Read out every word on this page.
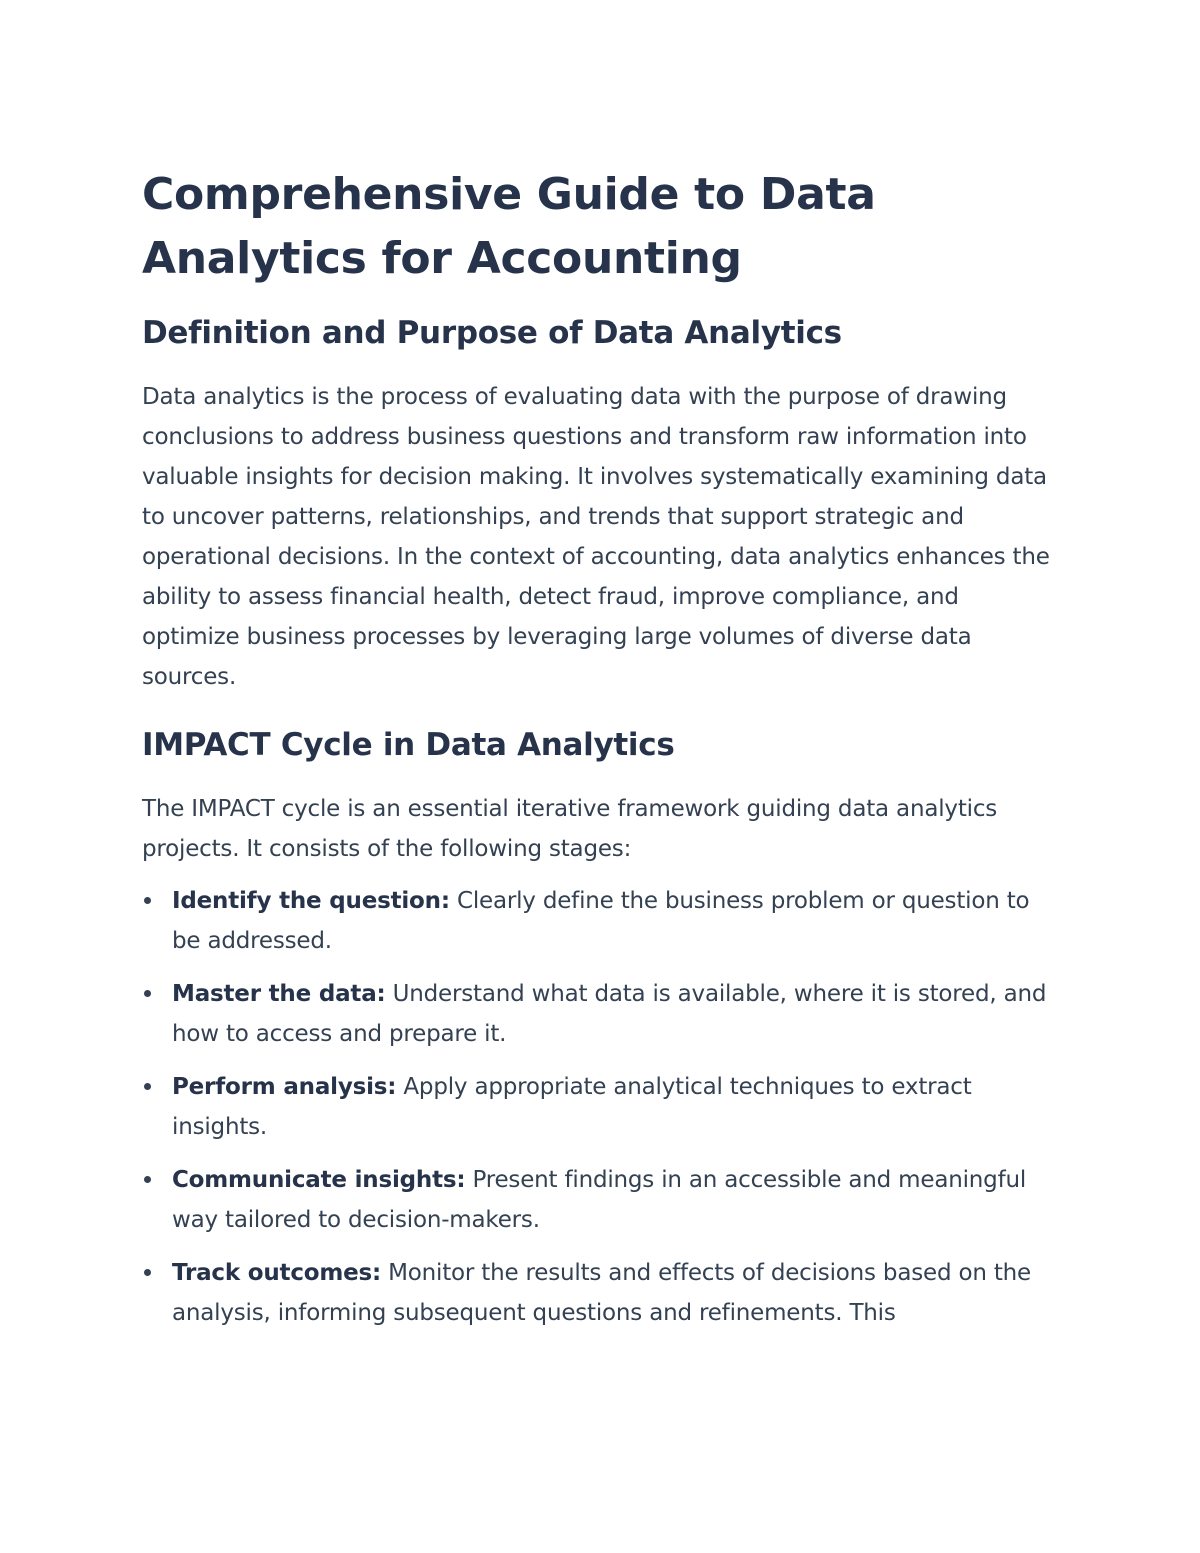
Comprehensive Guide to Data Analytics for Accounting
Definition and Purpose of Data Analytics

Data analytics is the process of evaluating data with the purpose of drawing conclusions to address business questions and transform raw information into valuable insights for decision making. It involves systematically examining data to uncover patterns, relationships, and trends that support strategic and operational decisions. In the context of accounting, data analytics enhances the ability to assess financial health, detect fraud, improve compliance, and optimize business processes by leveraging large volumes of diverse data sources.

IMPACT Cycle in Data Analytics

The IMPACT cycle is an essential iterative framework guiding data analytics projects. It consists of the following stages:

Identify the question: Clearly define the business problem or question to be addressed.
Master the data: Understand what data is available, where it is stored, and how to access and prepare it.
Perform analysis: Apply appropriate analytical techniques to extract insights.
Communicate insights: Present findings in an accessible and meaningful way tailored to decision-makers.
Track outcomes: Monitor the results and effects of decisions based on the analysis, informing subsequent questions and refinements. This
